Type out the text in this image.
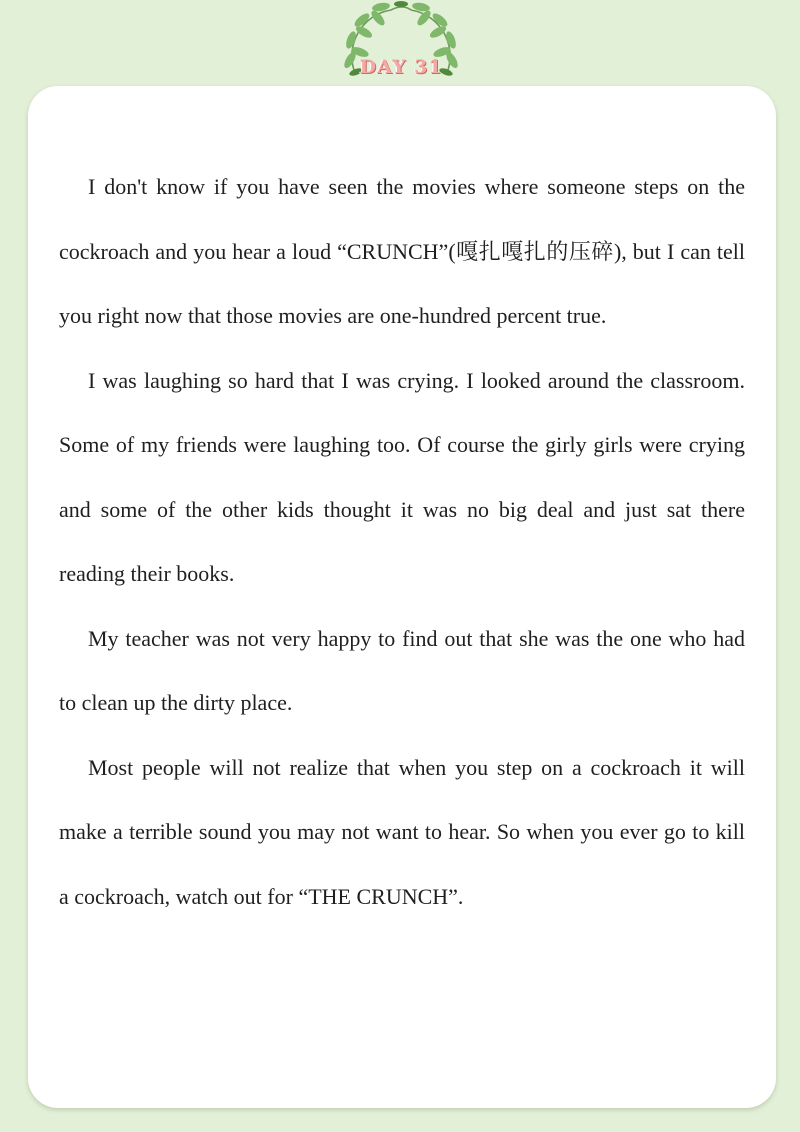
DAY 31

I don't know if you have seen the movies where someone steps on the cockroach and you hear a loud “CRUNCH”(嘎扎嘎扎的压碎), but I can tell you right now that those movies are one-hundred percent true.

I was laughing so hard that I was crying. I looked around the classroom. Some of my friends were laughing too. Of course the girly girls were crying and some of the other kids thought it was no big deal and just sat there reading their books.

My teacher was not very happy to find out that she was the one who had to clean up the dirty place.

Most people will not realize that when you step on a cockroach it will make a terrible sound you may not want to hear. So when you ever go to kill a cockroach, watch out for “THE CRUNCH”.
